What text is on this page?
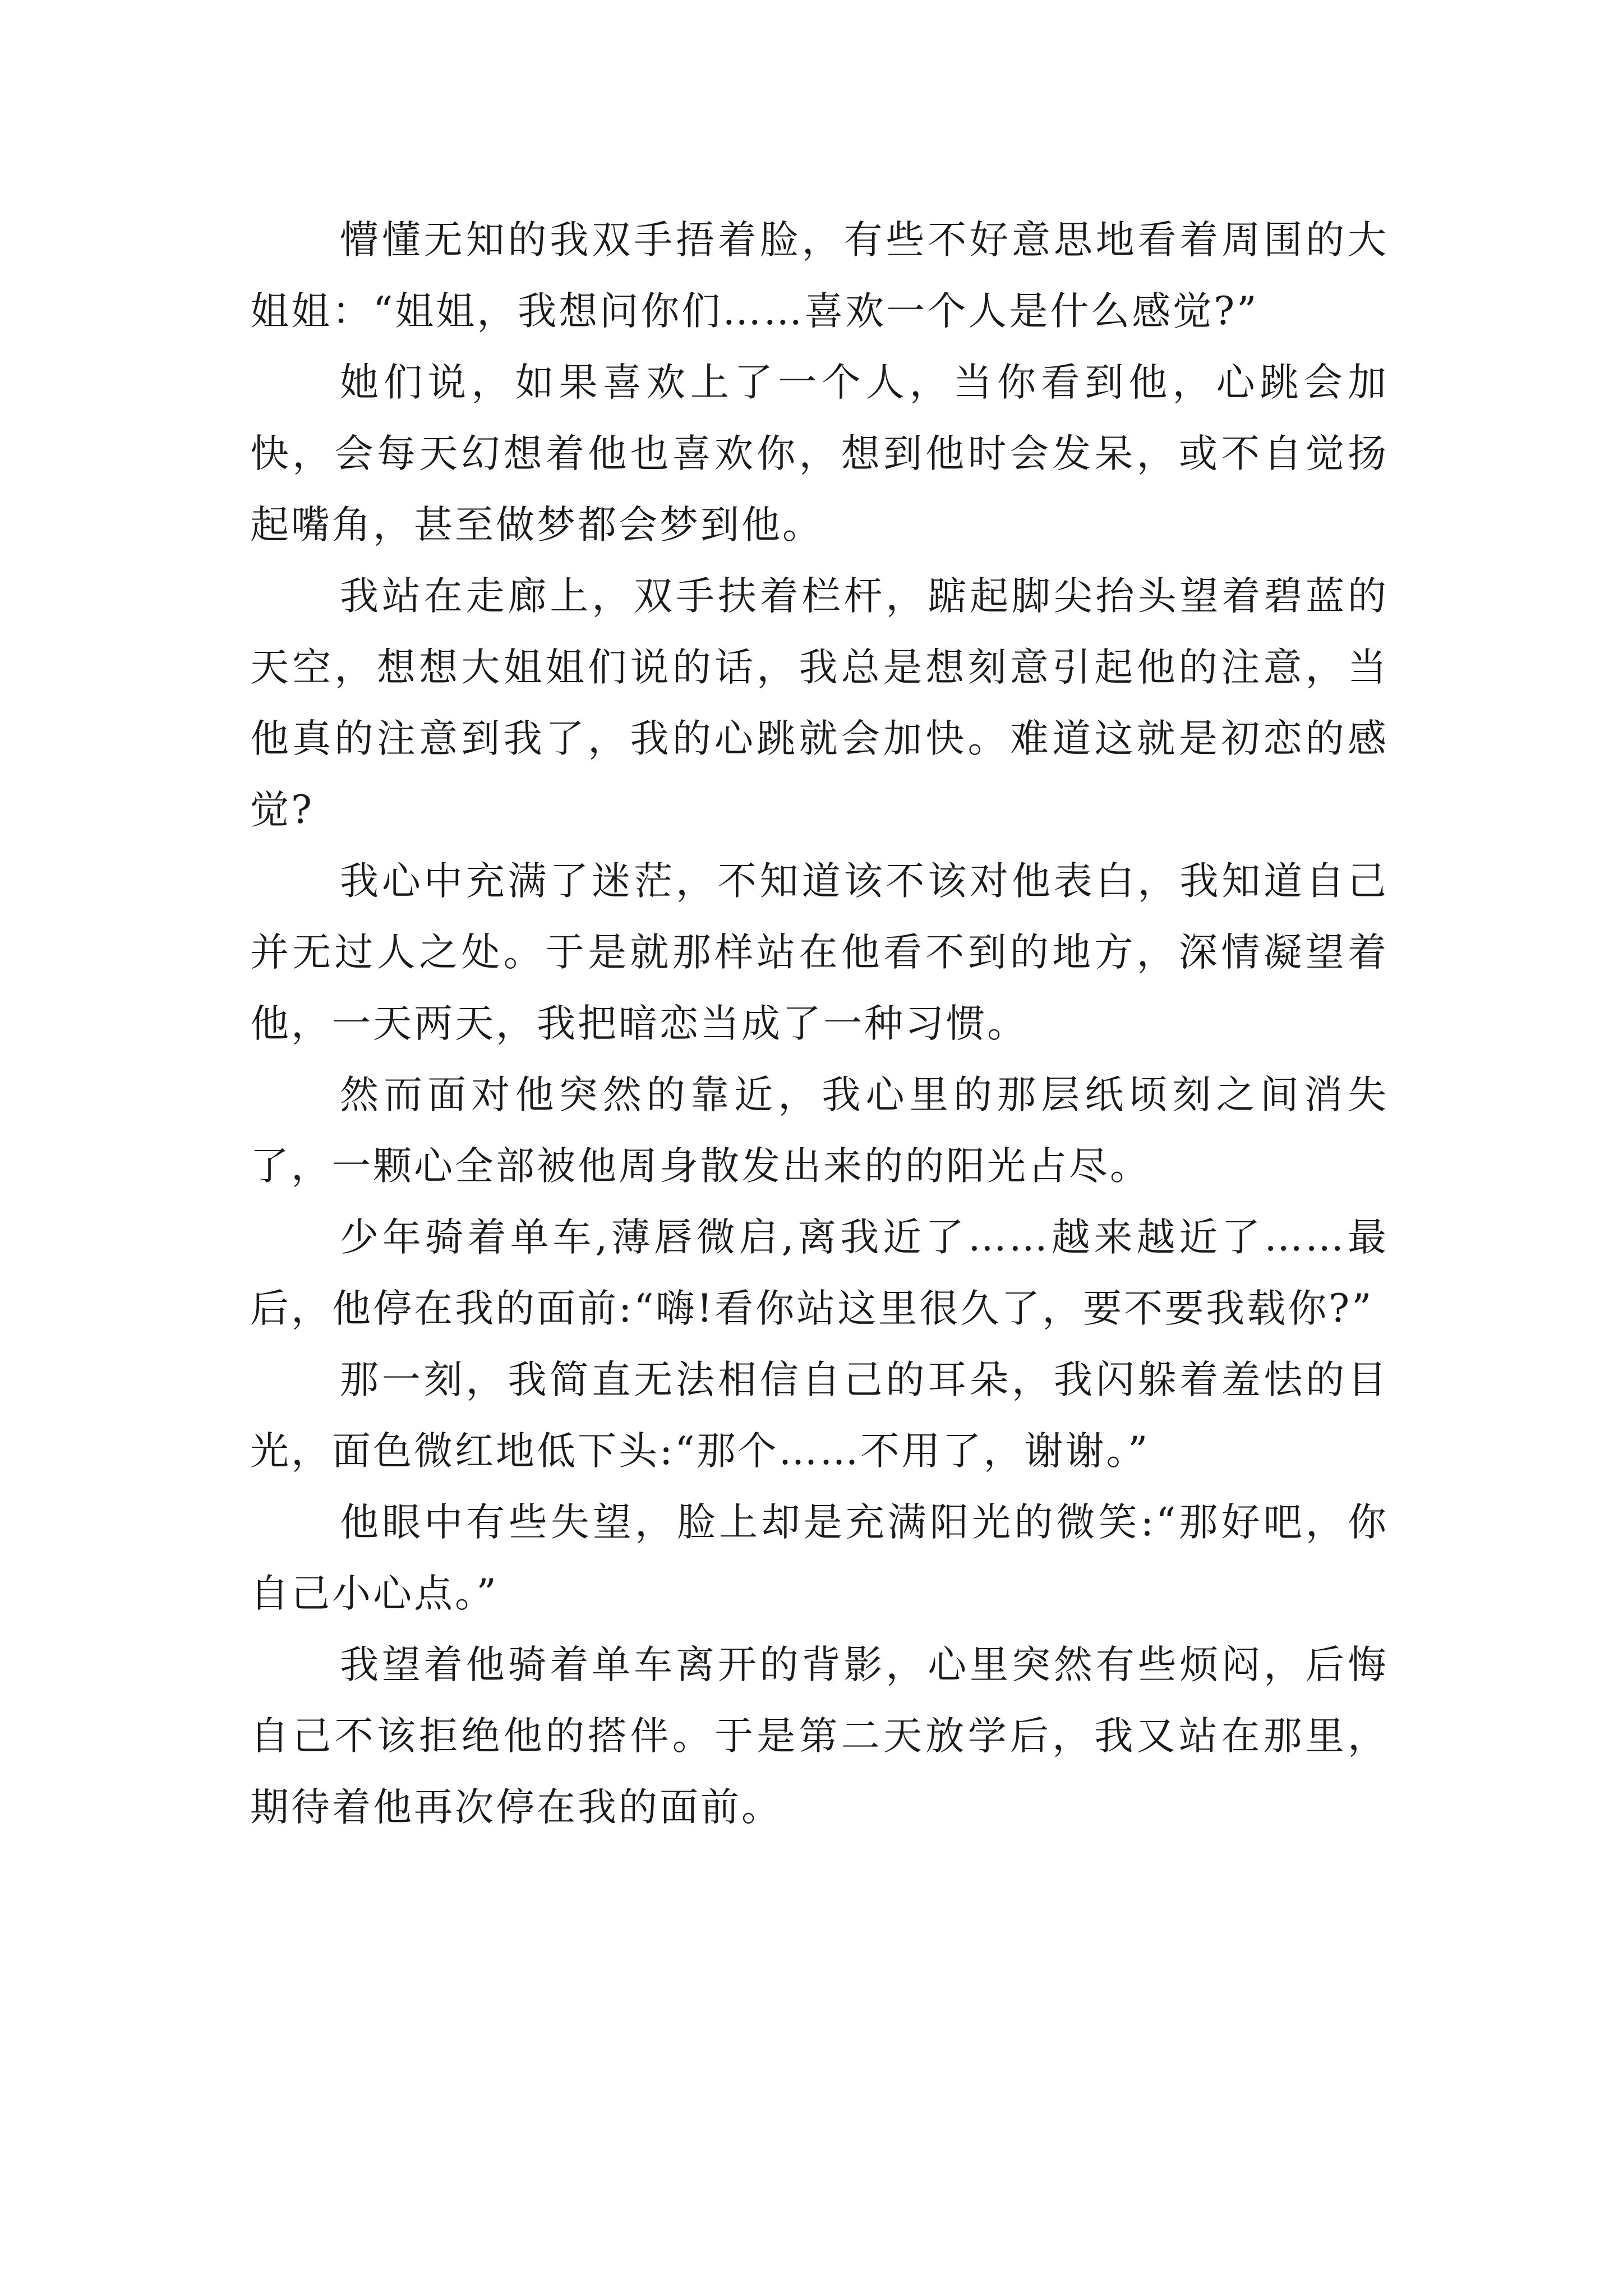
懵懂无知的我双手捂着脸，有些不好意思地看着周围的大姐姐：“姐姐，我想问你们……喜欢一个人是什么感觉?”

她们说，如果喜欢上了一个人，当你看到他，心跳会加快，会每天幻想着他也喜欢你，想到他时会发呆，或不自觉扬起嘴角，甚至做梦都会梦到他。

我站在走廊上，双手扶着栏杆，踮起脚尖抬头望着碧蓝的天空，想想大姐姐们说的话，我总是想刻意引起他的注意，当他真的注意到我了，我的心跳就会加快。难道这就是初恋的感觉?

我心中充满了迷茫，不知道该不该对他表白，我知道自己并无过人之处。于是就那样站在他看不到的地方，深情凝望着他，一天两天，我把暗恋当成了一种习惯。

然而面对他突然的靠近，我心里的那层纸顷刻之间消失了，一颗心全部被他周身散发出来的的阳光占尽。

少年骑着单车,薄唇微启,离我近了……越来越近了……最后，他停在我的面前:“嗨!看你站这里很久了，要不要我载你?”

那一刻，我简直无法相信自己的耳朵，我闪躲着羞怯的目光，面色微红地低下头:“那个……不用了，谢谢。”

他眼中有些失望，脸上却是充满阳光的微笑:“那好吧，你自己小心点。”

我望着他骑着单车离开的背影，心里突然有些烦闷，后悔自己不该拒绝他的搭伴。于是第二天放学后，我又站在那里，期待着他再次停在我的面前。
